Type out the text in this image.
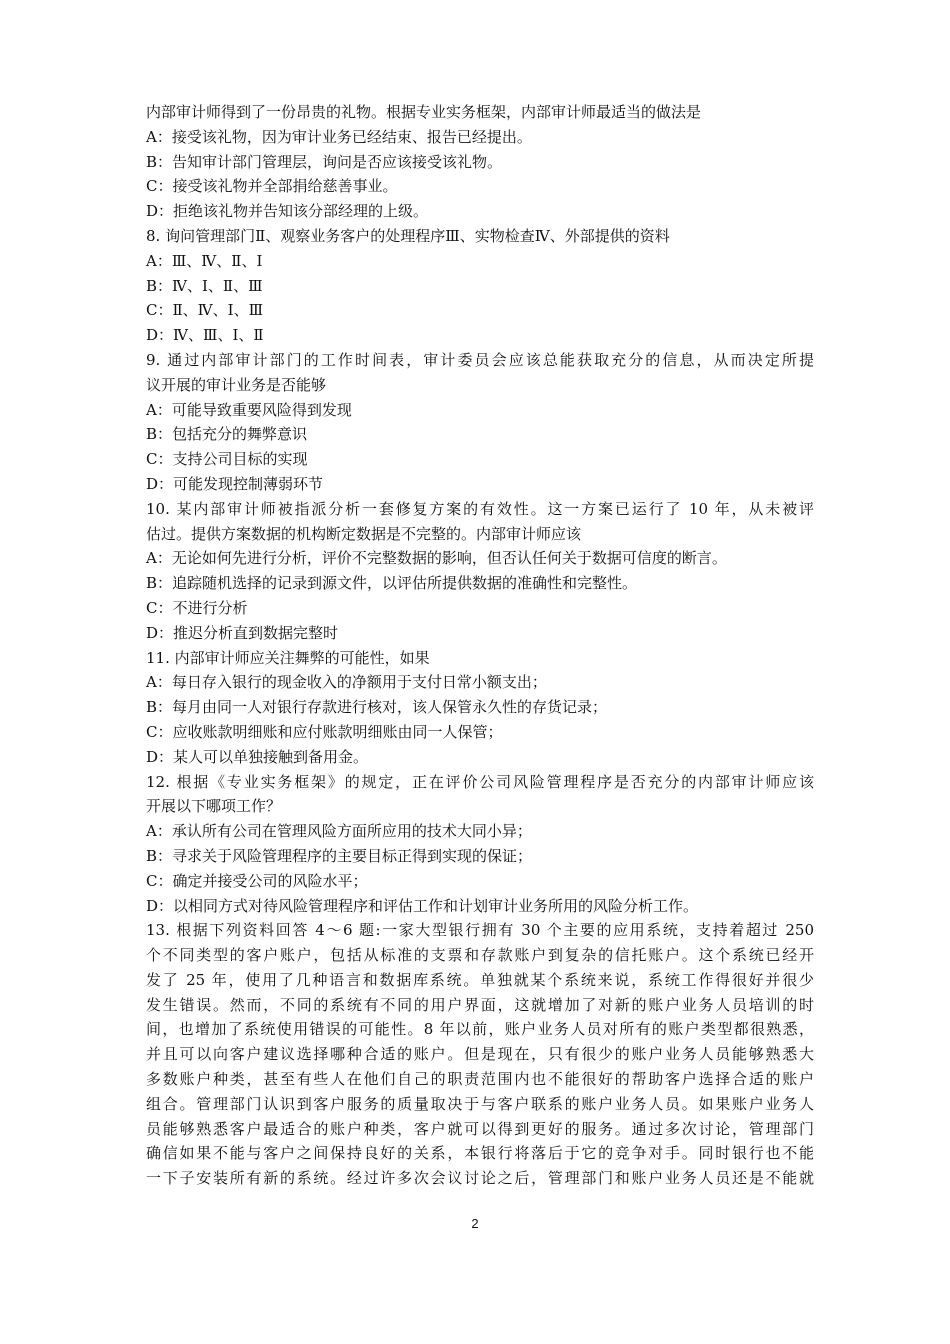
内部审计师得到了一份昂贵的礼物。根据专业实务框架，内部审计师最适当的做法是
A：接受该礼物，因为审计业务已经结束、报告已经提出。
B：告知审计部门管理层，询问是否应该接受该礼物。
C：接受该礼物并全部捐给慈善事业。
D：拒绝该礼物并告知该分部经理的上级。
8. 询问管理部门Ⅱ、观察业务客户的处理程序Ⅲ、实物检查Ⅳ、外部提供的资料
A：Ⅲ、Ⅳ、Ⅱ、Ⅰ
B：Ⅳ、Ⅰ、Ⅱ、Ⅲ
C：Ⅱ、Ⅳ、Ⅰ、Ⅲ
D：Ⅳ、Ⅲ、Ⅰ、Ⅱ
9. 通过内部审计部门的工作时间表，审计委员会应该总能获取充分的信息，从而决定所提
议开展的审计业务是否能够
A：可能导致重要风险得到发现
B：包括充分的舞弊意识
C：支持公司目标的实现
D：可能发现控制薄弱环节
10. 某内部审计师被指派分析一套修复方案的有效性。这一方案已运行了 10 年，从未被评
估过。提供方案数据的机构断定数据是不完整的。内部审计师应该
A：无论如何先进行分析，评价不完整数据的影响，但否认任何关于数据可信度的断言。
B：追踪随机选择的记录到源文件，以评估所提供数据的准确性和完整性。
C：不进行分析
D：推迟分析直到数据完整时
11. 内部审计师应关注舞弊的可能性，如果
A：每日存入银行的现金收入的净额用于支付日常小额支出；
B：每月由同一人对银行存款进行核对，该人保管永久性的存货记录；
C：应收账款明细账和应付账款明细账由同一人保管；
D：某人可以单独接触到备用金。
12. 根据《专业实务框架》的规定，正在评价公司风险管理程序是否充分的内部审计师应该
开展以下哪项工作？
A：承认所有公司在管理风险方面所应用的技术大同小异；
B：寻求关于风险管理程序的主要目标正得到实现的保证；
C：确定并接受公司的风险水平；
D：以相同方式对待风险管理程序和评估工作和计划审计业务所用的风险分析工作。
13. 根据下列资料回答 4～6 题:一家大型银行拥有 30 个主要的应用系统，支持着超过 250
个不同类型的客户账户，包括从标准的支票和存款账户到复杂的信托账户。这个系统已经开
发了 25 年，使用了几种语言和数据库系统。单独就某个系统来说，系统工作得很好并很少
发生错误。然而，不同的系统有不同的用户界面，这就增加了对新的账户业务人员培训的时
间，也增加了系统使用错误的可能性。8 年以前，账户业务人员对所有的账户类型都很熟悉，
并且可以向客户建议选择哪种合适的账户。但是现在，只有很少的账户业务人员能够熟悉大
多数账户种类，甚至有些人在他们自己的职责范围内也不能很好的帮助客户选择合适的账户
组合。管理部门认识到客户服务的质量取决于与客户联系的账户业务人员。如果账户业务人
员能够熟悉客户最适合的账户种类，客户就可以得到更好的服务。通过多次讨论，管理部门
确信如果不能与客户之间保持良好的关系，本银行将落后于它的竞争对手。同时银行也不能
一下子安装所有新的系统。经过许多次会议讨论之后，管理部门和账户业务人员还是不能就
2
